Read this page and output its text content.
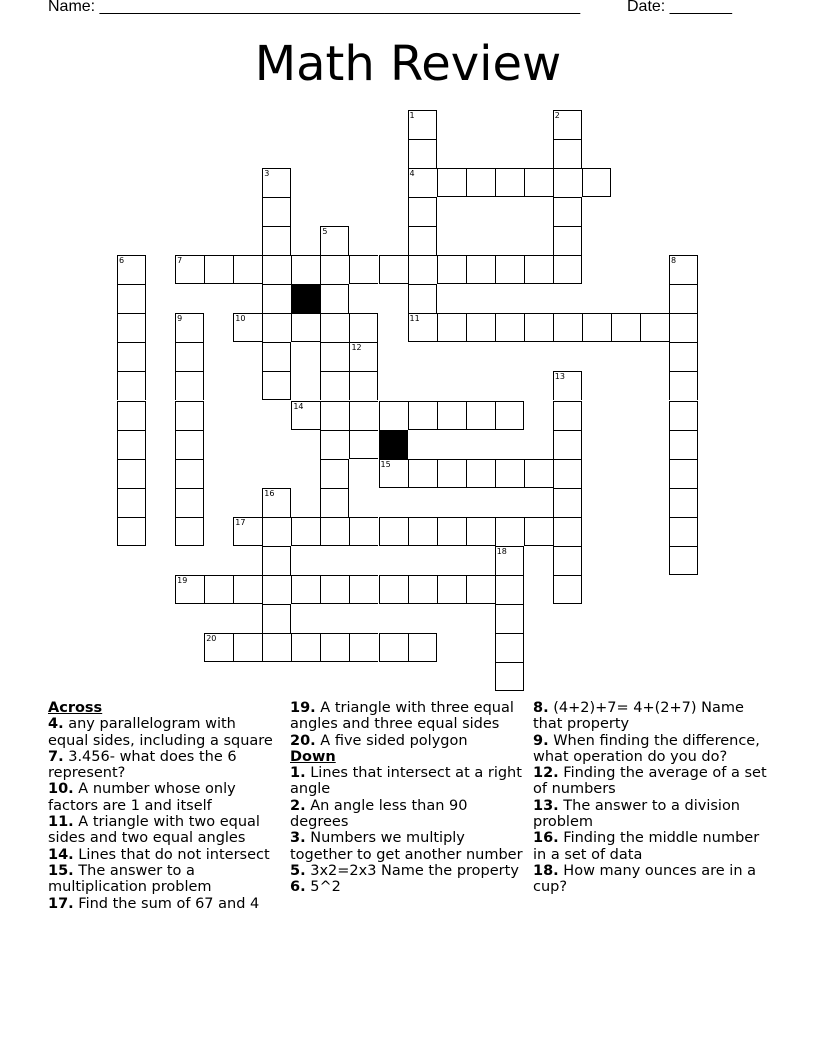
Name: ______________________________________________________	Date: _______
Math Review
1
4
11
2
3
5
6	7	8
9	10
12
13
14
15
16
17
18
19
20
Across
4. any parallelogram with equal sides, including a square
7. 3.456- what does the 6 represent?
10. A number whose only factors are 1 and itself
11. A triangle with two equal sides and two equal angles
14. Lines that do not intersect
15. The answer to a multiplication problem
17. Find the sum of 67 and 4
19. A triangle with three equal angles and three equal sides
20. A five sided polygon
Down
1. Lines that intersect at a right angle
2. An angle less than 90 degrees
3. Numbers we multiply together to get another number
5. 3x2=2x3 Name the property
6. 5^2
8. (4+2)+7= 4+(2+7) Name that property
9. When finding the difference, what operation do you do?
12. Finding the average of a set of numbers
13. The answer to a division problem
16. Finding the middle number in a set of data
18. How many ounces are in a cup?
